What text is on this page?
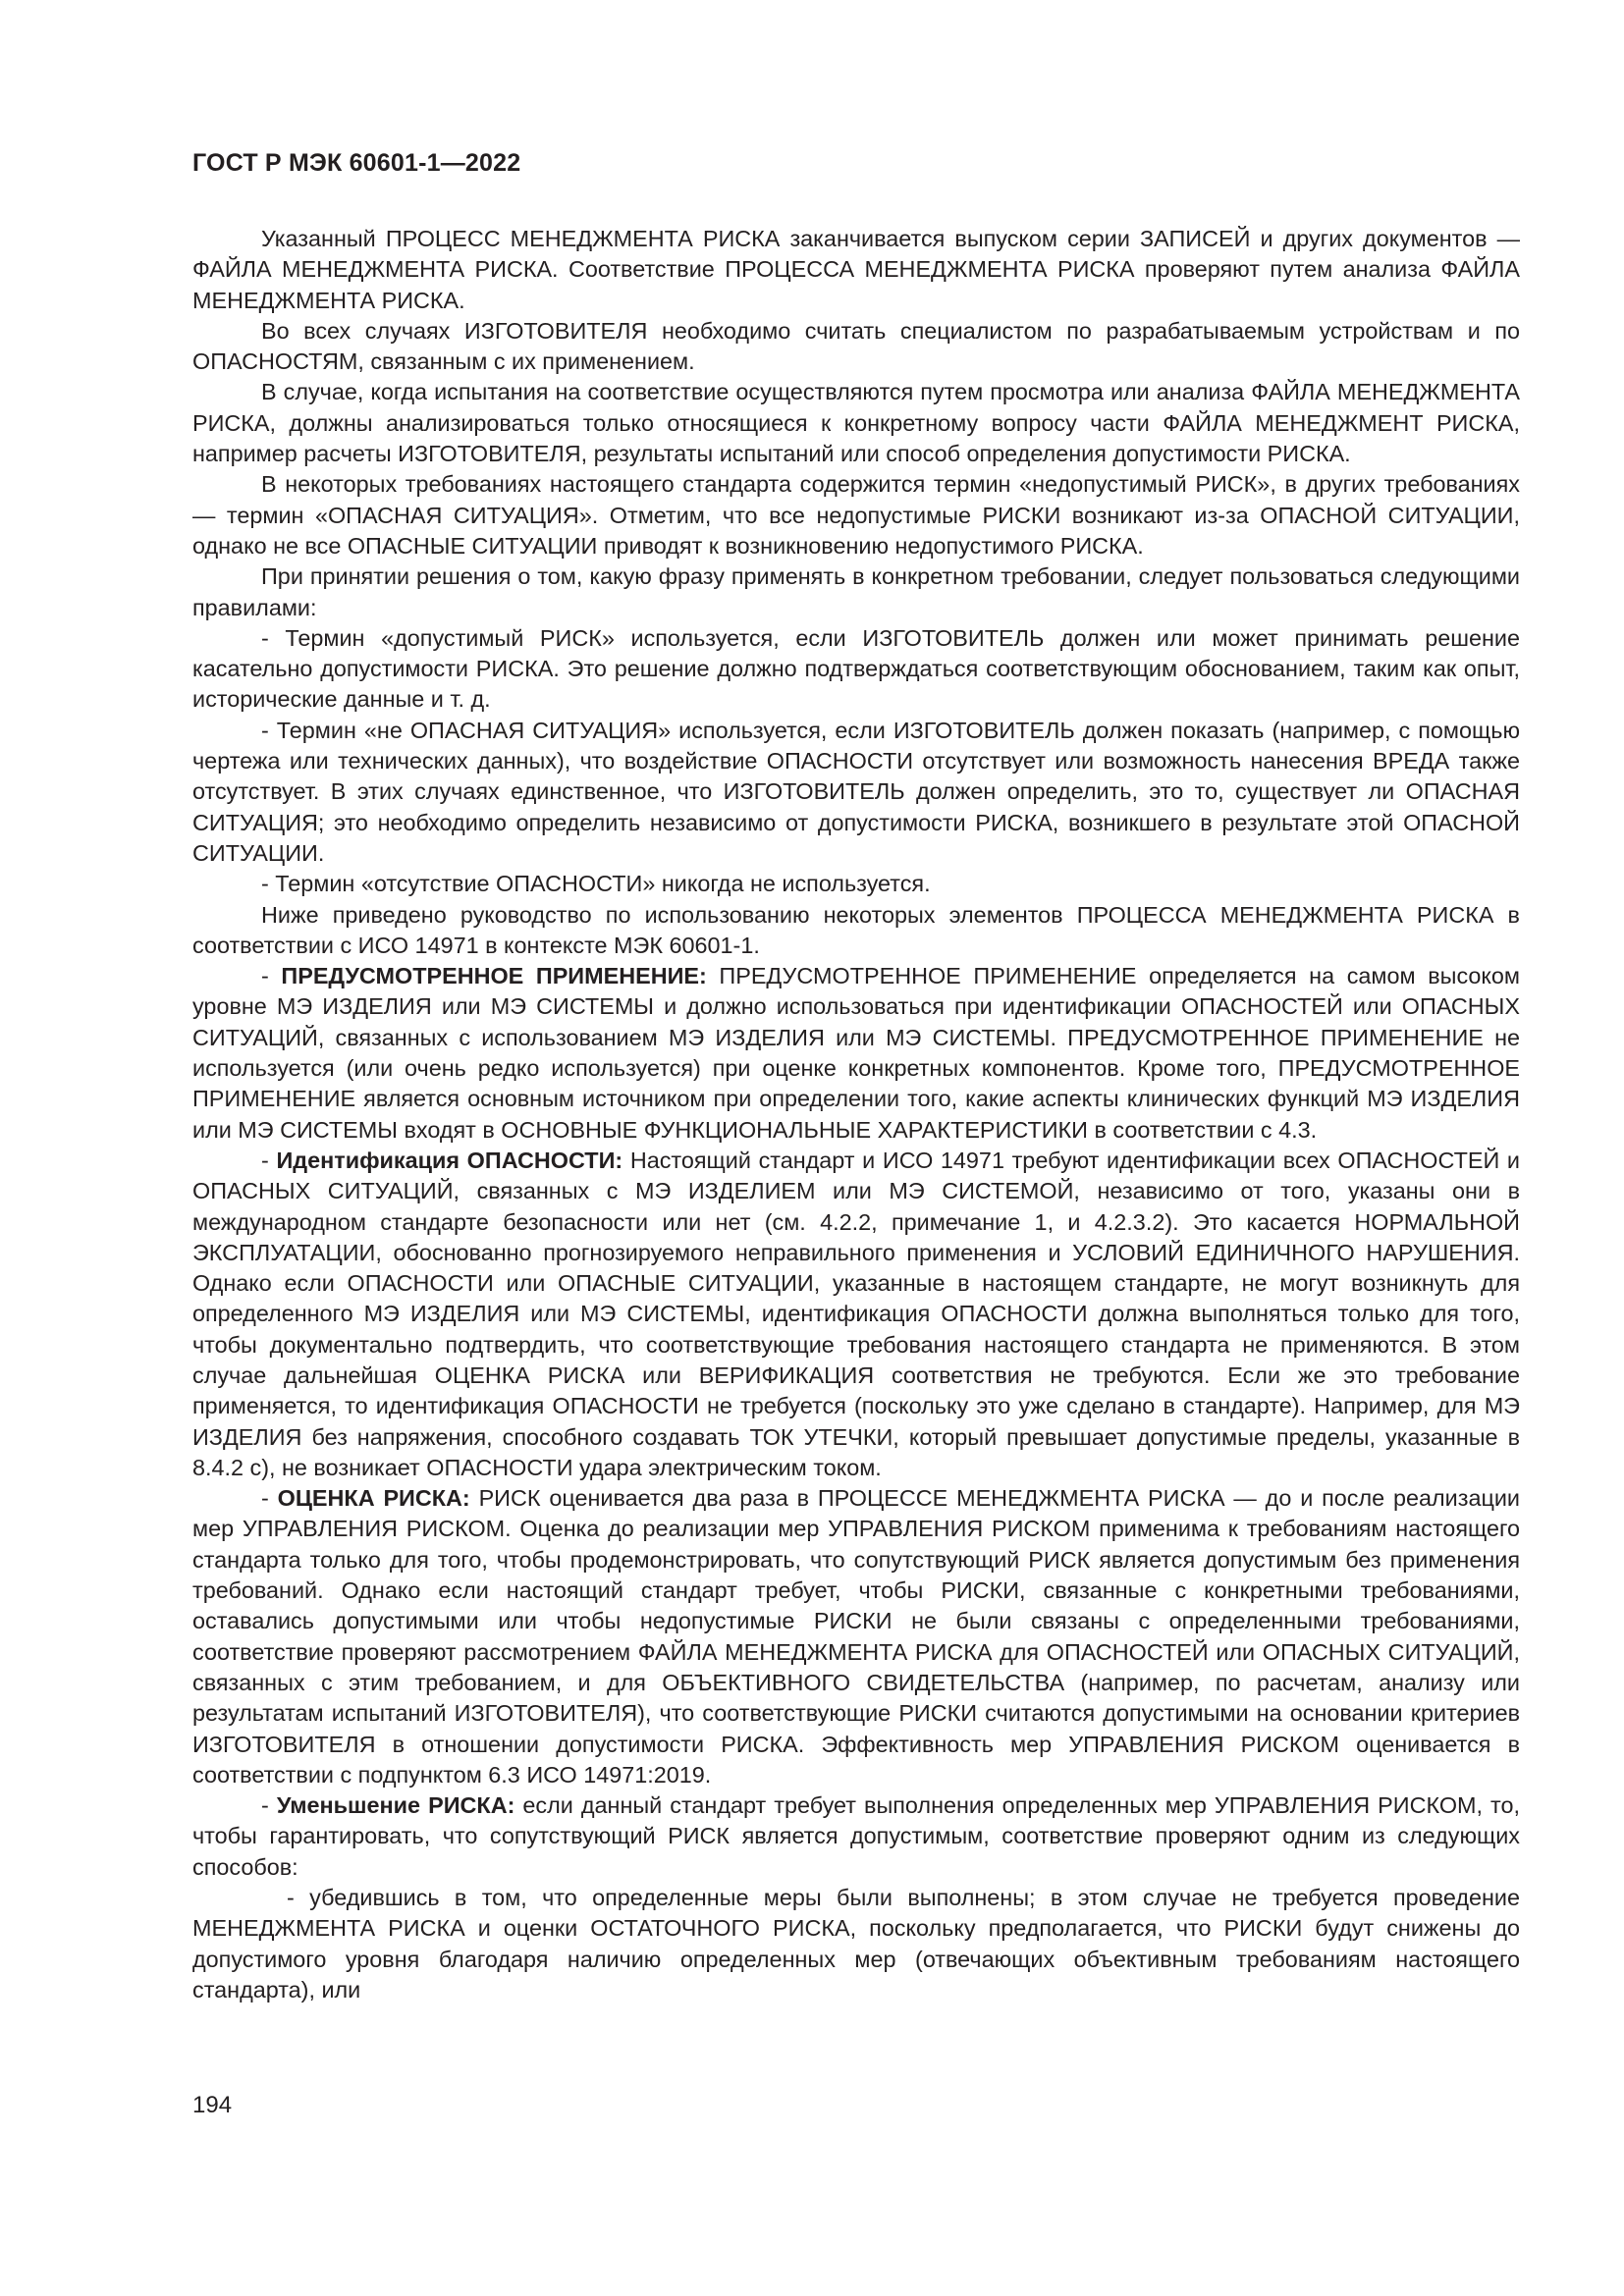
ГОСТ Р МЭК 60601-1—2022

Указанный ПРОЦЕСС МЕНЕДЖМЕНТА РИСКА заканчивается выпуском серии ЗАПИСЕЙ и других документов — ФАЙЛА МЕНЕДЖМЕНТА РИСКА. Соответствие ПРОЦЕССА МЕНЕДЖМЕНТА РИСКА проверяют путем анализа ФАЙЛА МЕНЕДЖМЕНТА РИСКА.

Во всех случаях ИЗГОТОВИТЕЛЯ необходимо считать специалистом по разрабатываемым устройствам и по ОПАСНОСТЯМ, связанным с их применением.

В случае, когда испытания на соответствие осуществляются путем просмотра или анализа ФАЙЛА МЕНЕДЖМЕНТА РИСКА, должны анализироваться только относящиеся к конкретному вопросу части ФАЙЛА МЕНЕДЖМЕНТ РИСКА, например расчеты ИЗГОТОВИТЕЛЯ, результаты испытаний или способ определения допустимости РИСКА.

В некоторых требованиях настоящего стандарта содержится термин «недопустимый РИСК», в других требованиях — термин «ОПАСНАЯ СИТУАЦИЯ». Отметим, что все недопустимые РИСКИ возникают из-за ОПАСНОЙ СИТУАЦИИ, однако не все ОПАСНЫЕ СИТУАЦИИ приводят к возникновению недопустимого РИСКА.

При принятии решения о том, какую фразу применять в конкретном требовании, следует пользоваться следующими правилами:

- Термин «допустимый РИСК» используется, если ИЗГОТОВИТЕЛЬ должен или может принимать решение касательно допустимости РИСКА. Это решение должно подтверждаться соответствующим обоснованием, таким как опыт, исторические данные и т. д.

- Термин «не ОПАСНАЯ СИТУАЦИЯ» используется, если ИЗГОТОВИТЕЛЬ должен показать (например, с помощью чертежа или технических данных), что воздействие ОПАСНОСТИ отсутствует или возможность нанесения ВРЕДА также отсутствует. В этих случаях единственное, что ИЗГОТОВИТЕЛЬ должен определить, это то, существует ли ОПАСНАЯ СИТУАЦИЯ; это необходимо определить независимо от допустимости РИСКА, возникшего в результате этой ОПАСНОЙ СИТУАЦИИ.

- Термин «отсутствие ОПАСНОСТИ» никогда не используется.

Ниже приведено руководство по использованию некоторых элементов ПРОЦЕССА МЕНЕДЖМЕНТА РИСКА в соответствии с ИСО 14971 в контексте МЭК 60601-1.

- ПРЕДУСМОТРЕННОЕ ПРИМЕНЕНИЕ: ПРЕДУСМОТРЕННОЕ ПРИМЕНЕНИЕ определяется на самом высоком уровне МЭ ИЗДЕЛИЯ или МЭ СИСТЕМЫ и должно использоваться при идентификации ОПАСНОСТЕЙ или ОПАСНЫХ СИТУАЦИЙ, связанных с использованием МЭ ИЗДЕЛИЯ или МЭ СИСТЕМЫ. ПРЕДУСМОТРЕННОЕ ПРИМЕНЕНИЕ не используется (или очень редко используется) при оценке конкретных компонентов. Кроме того, ПРЕДУСМОТРЕННОЕ ПРИМЕНЕНИЕ является основным источником при определении того, какие аспекты клинических функций МЭ ИЗДЕЛИЯ или МЭ СИСТЕМЫ входят в ОСНОВНЫЕ ФУНКЦИОНАЛЬНЫЕ ХАРАКТЕРИСТИКИ в соответствии с 4.3.

- Идентификация ОПАСНОСТИ: Настоящий стандарт и ИСО 14971 требуют идентификации всех ОПАСНОСТЕЙ и ОПАСНЫХ СИТУАЦИЙ, связанных с МЭ ИЗДЕЛИЕМ или МЭ СИСТЕМОЙ, независимо от того, указаны они в международном стандарте безопасности или нет (см. 4.2.2, примечание 1, и 4.2.3.2). Это касается НОРМАЛЬНОЙ ЭКСПЛУАТАЦИИ, обоснованно прогнозируемого неправильного применения и УСЛОВИЙ ЕДИНИЧНОГО НАРУШЕНИЯ. Однако если ОПАСНОСТИ или ОПАСНЫЕ СИТУАЦИИ, указанные в настоящем стандарте, не могут возникнуть для определенного МЭ ИЗДЕЛИЯ или МЭ СИСТЕМЫ, идентификация ОПАСНОСТИ должна выполняться только для того, чтобы документально подтвердить, что соответствующие требования настоящего стандарта не применяются. В этом случае дальнейшая ОЦЕНКА РИСКА или ВЕРИФИКАЦИЯ соответствия не требуются. Если же это требование применяется, то идентификация ОПАСНОСТИ не требуется (поскольку это уже сделано в стандарте). Например, для МЭ ИЗДЕЛИЯ без напряжения, способного создавать ТОК УТЕЧКИ, который превышает допустимые пределы, указанные в 8.4.2 с), не возникает ОПАСНОСТИ удара электрическим током.

- ОЦЕНКА РИСКА: РИСК оценивается два раза в ПРОЦЕССЕ МЕНЕДЖМЕНТА РИСКА — до и после реализации мер УПРАВЛЕНИЯ РИСКОМ. Оценка до реализации мер УПРАВЛЕНИЯ РИСКОМ применима к требованиям настоящего стандарта только для того, чтобы продемонстрировать, что сопутствующий РИСК является допустимым без применения требований. Однако если настоящий стандарт требует, чтобы РИСКИ, связанные с конкретными требованиями, оставались допустимыми или чтобы недопустимые РИСКИ не были связаны с определенными требованиями, соответствие проверяют рассмотрением ФАЙЛА МЕНЕДЖМЕНТА РИСКА для ОПАСНОСТЕЙ или ОПАСНЫХ СИТУАЦИЙ, связанных с этим требованием, и для ОБЪЕКТИВНОГО СВИДЕТЕЛЬСТВА (например, по расчетам, анализу или результатам испытаний ИЗГОТОВИТЕЛЯ), что соответствующие РИСКИ считаются допустимыми на основании критериев ИЗГОТОВИТЕЛЯ в отношении допустимости РИСКА. Эффективность мер УПРАВЛЕНИЯ РИСКОМ оценивается в соответствии с подпунктом 6.3 ИСО 14971:2019.

- Уменьшение РИСКА: если данный стандарт требует выполнения определенных мер УПРАВЛЕНИЯ РИСКОМ, то, чтобы гарантировать, что сопутствующий РИСК является допустимым, соответствие проверяют одним из следующих способов:

- убедившись в том, что определенные меры были выполнены; в этом случае не требуется проведение МЕНЕДЖМЕНТА РИСКА и оценки ОСТАТОЧНОГО РИСКА, поскольку предполагается, что РИСКИ будут снижены до допустимого уровня благодаря наличию определенных мер (отвечающих объективным требованиям настоящего стандарта), или

194
